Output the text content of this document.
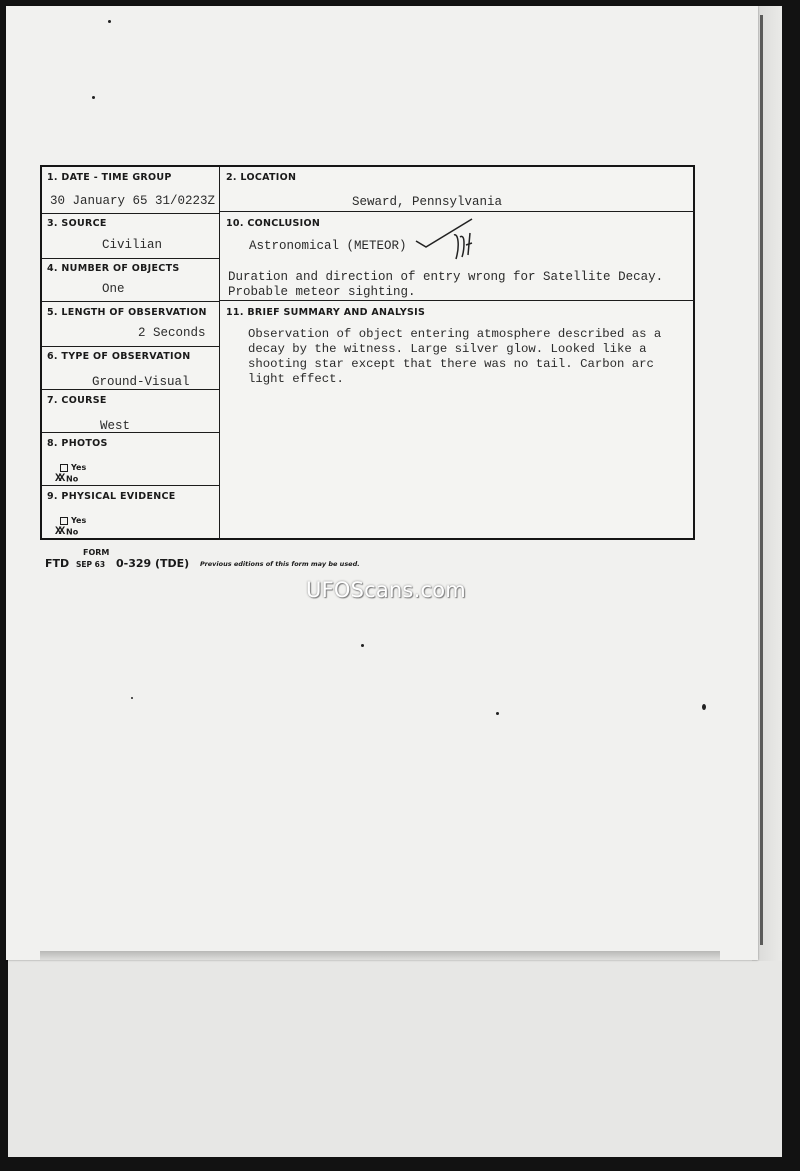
1. DATE - TIME GROUP
30 January 65 31/0223Z
2. LOCATION
Seward, Pennsylvania
3. SOURCE
Civilian
10. CONCLUSION
Astronomical (METEOR)
Duration and direction of entry wrong for Satellite Decay.
Probable meteor sighting.
4. NUMBER OF OBJECTS
One
5. LENGTH OF OBSERVATION
2 Seconds
11. BRIEF SUMMARY AND ANALYSIS
Observation of object entering atmosphere described as a
decay by the witness. Large silver glow. Looked like a
shooting star except that there was no tail. Carbon arc
light effect.
6. TYPE OF OBSERVATION
Ground-Visual
7. COURSE
West
8. PHOTOS
Yes
XX No
9. PHYSICAL EVIDENCE
Yes
XX No
FORM
FTD SEP 63 0-329 (TDE) Previous editions of this form may be used.
UFOScans.com
